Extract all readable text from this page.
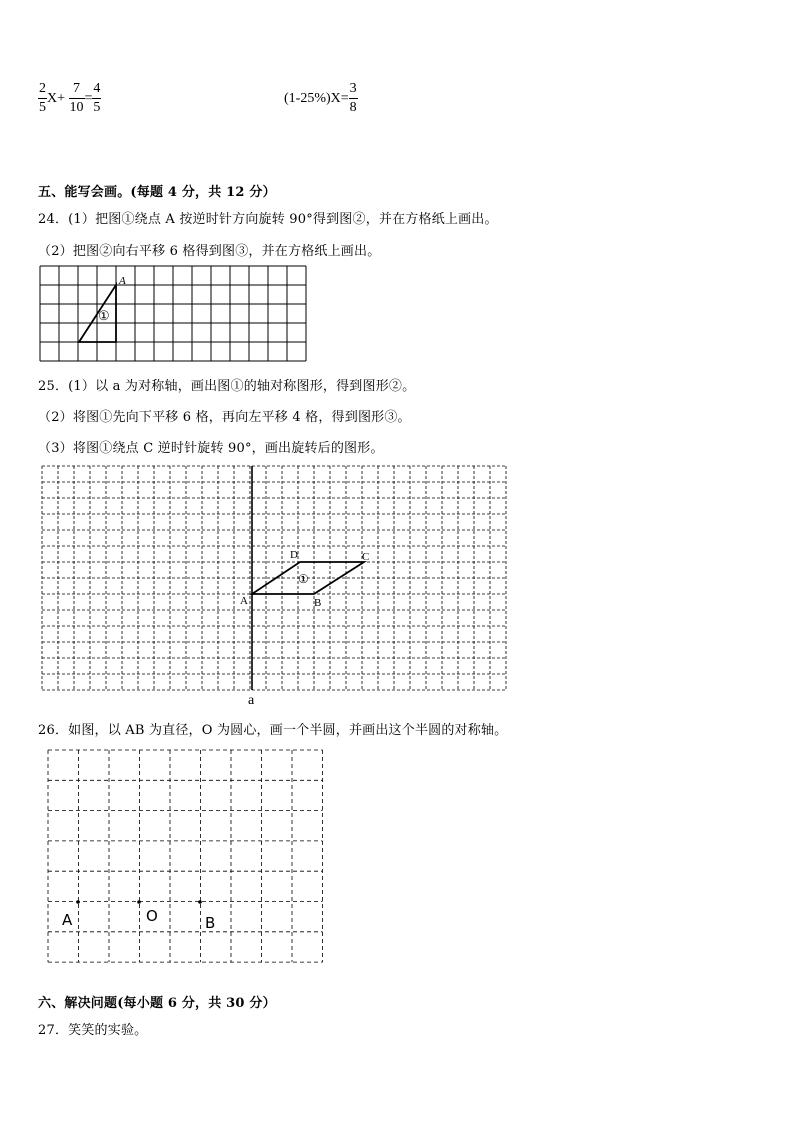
$\frac{2}{5} X+ \frac{7}{10} = \frac{4}{5}$	$(1-25\%)X= \frac{3}{8}$
五、能写会画。(每题 4 分，共 12 分）
24．(1）把图①绕点 A 按逆时针方向旋转 90°得到图②，并在方格纸上画出。
（2）把图②向右平移 6 格得到图③，并在方格纸上画出。
A
①
25．(1）以 a 为对称轴，画出图①的轴对称图形，得到图形②。
（2）将图①先向下平移 6 格，再向左平移 4 格，得到图形③。
（3）将图①绕点 C 逆时针旋转 90°，画出旋转后的图形。
a
A	B
C
D
①
26．如图，以 AB 为直径，O 为圆心，画一个半圆，并画出这个半圆的对称轴。
A	O	B
六、解决问题(每小题 6 分，共 30 分）
27．笑笑的实验。
